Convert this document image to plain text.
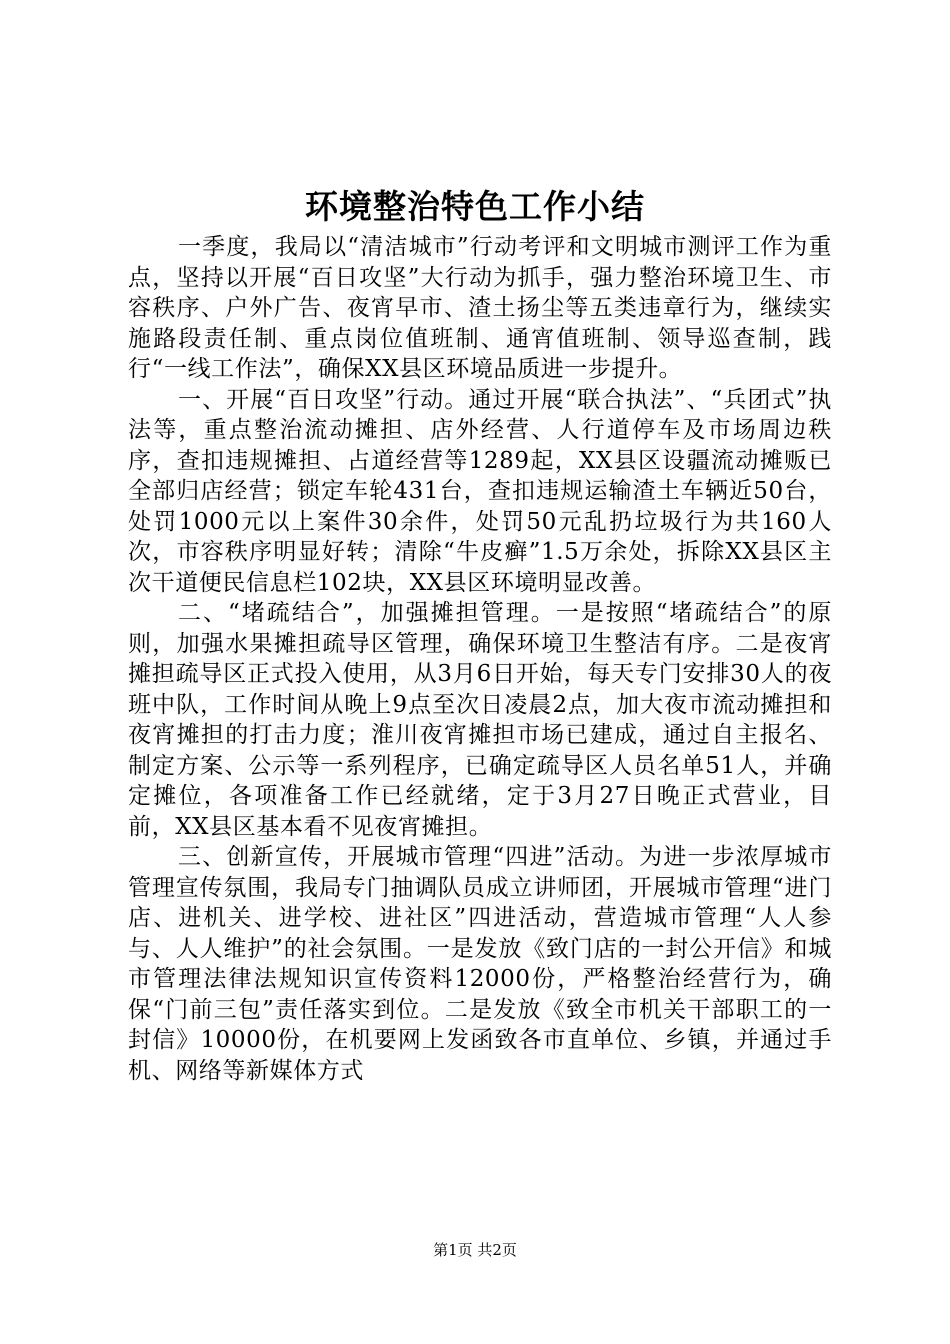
环境整治特色工作小结

一季度，我局以“清洁城市”行动考评和文明城市测评工作为重点，坚持以开展“百日攻坚”大行动为抓手，强力整治环境卫生、市容秩序、户外广告、夜宵早市、渣土扬尘等五类违章行为，继续实施路段责任制、重点岗位值班制、通宵值班制、领导巡查制，践行“一线工作法”，确保XX县区环境品质进一步提升。

一、开展“百日攻坚”行动。通过开展“联合执法”、“兵团式”执法等，重点整治流动摊担、店外经营、人行道停车及市场周边秩序，查扣违规摊担、占道经营等1289起，XX县区设疆流动摊贩已全部归店经营；锁定车轮431台，查扣违规运输渣土车辆近50台，处罚1000元以上案件30余件，处罚50元乱扔垃圾行为共160人次，市容秩序明显好转；清除“牛皮癣”1.5万余处，拆除XX县区主次干道便民信息栏102块，XX县区环境明显改善。

二、“堵疏结合”，加强摊担管理。一是按照“堵疏结合”的原则，加强水果摊担疏导区管理，确保环境卫生整洁有序。二是夜宵摊担疏导区正式投入使用，从3月6日开始，每天专门安排30人的夜班中队，工作时间从晚上9点至次日凌晨2点，加大夜市流动摊担和夜宵摊担的打击力度；淮川夜宵摊担市场已建成，通过自主报名、制定方案、公示等一系列程序，已确定疏导区人员名单51人，并确定摊位，各项准备工作已经就绪，定于3月27日晚正式营业，目前，XX县区基本看不见夜宵摊担。

三、创新宣传，开展城市管理“四进”活动。为进一步浓厚城市管理宣传氛围，我局专门抽调队员成立讲师团，开展城市管理“进门店、进机关、进学校、进社区”四进活动，营造城市管理“人人参与、人人维护”的社会氛围。一是发放《致门店的一封公开信》和城市管理法律法规知识宣传资料12000份，严格整治经营行为，确保“门前三包”责任落实到位。二是发放《致全市机关干部职工的一封信》10000份，在机要网上发函致各市直单位、乡镇，并通过手机、网络等新媒体方式

第1页 共2页
